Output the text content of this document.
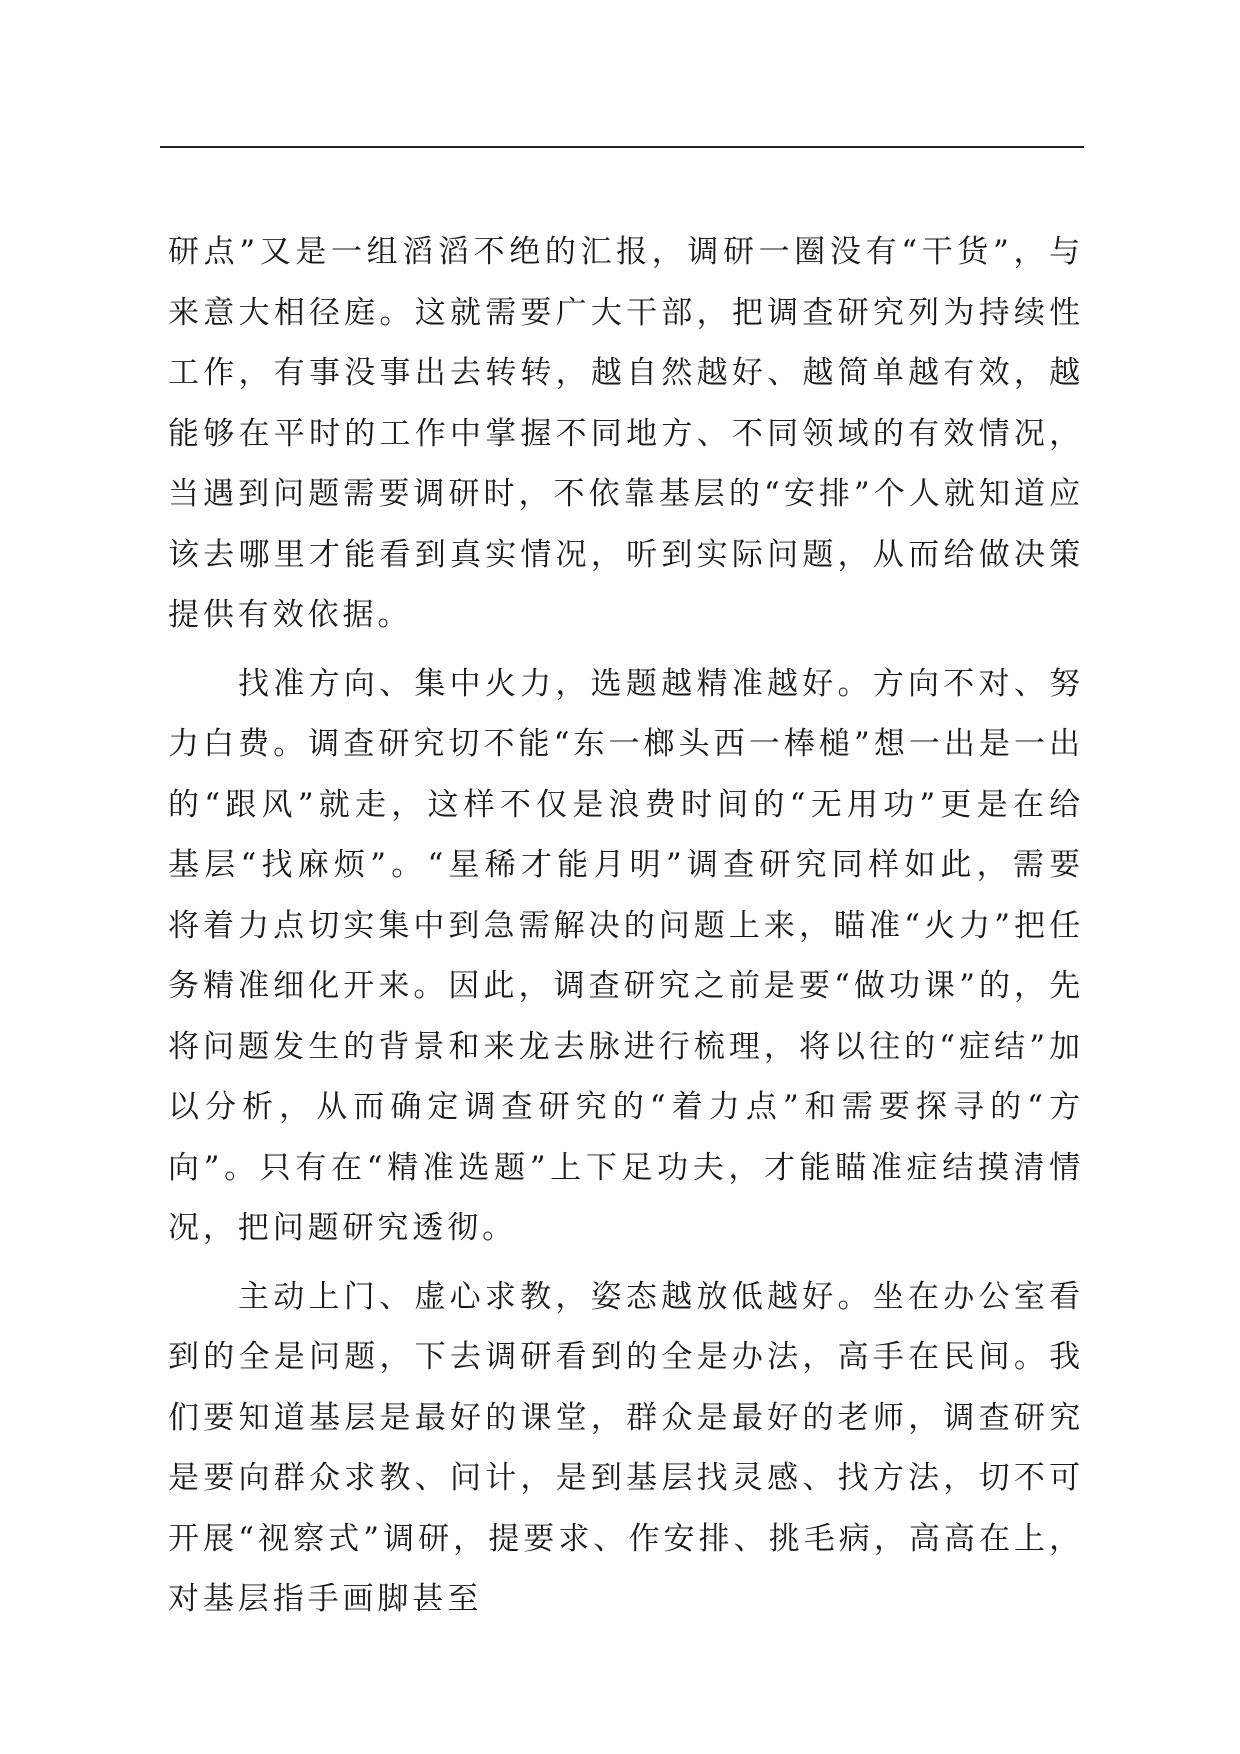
研点”又是一组滔滔不绝的汇报，调研一圈没有“干货”，与来意大相径庭。这就需要广大干部，把调查研究列为持续性工作，有事没事出去转转，越自然越好、越简单越有效，越能够在平时的工作中掌握不同地方、不同领域的有效情况，当遇到问题需要调研时，不依靠基层的“安排”个人就知道应该去哪里才能看到真实情况，听到实际问题，从而给做决策提供有效依据。

找准方向、集中火力，选题越精准越好。方向不对、努力白费。调查研究切不能“东一榔头西一棒槌”想一出是一出的“跟风”就走，这样不仅是浪费时间的“无用功”更是在给基层“找麻烦”。“星稀才能月明”调查研究同样如此，需要将着力点切实集中到急需解决的问题上来，瞄准“火力”把任务精准细化开来。因此，调查研究之前是要“做功课”的，先将问题发生的背景和来龙去脉进行梳理，将以往的“症结”加以分析，从而确定调查研究的“着力点”和需要探寻的“方向”。只有在“精准选题”上下足功夫，才能瞄准症结摸清情况，把问题研究透彻。

主动上门、虚心求教，姿态越放低越好。坐在办公室看到的全是问题，下去调研看到的全是办法，高手在民间。我们要知道基层是最好的课堂，群众是最好的老师，调查研究是要向群众求教、问计，是到基层找灵感、找方法，切不可开展“视察式”调研，提要求、作安排、挑毛病，高高在上，对基层指手画脚甚至
